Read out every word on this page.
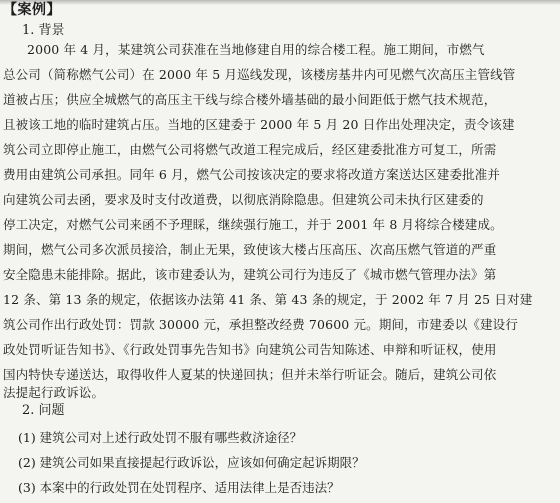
【案例】
1. 背景
2000 年 4 月，某建筑公司获准在当地修建自用的综合楼工程。施工期间，市燃气
总公司（简称燃气公司）在 2000 年 5 月巡线发现，该楼房基井内可见燃气次高压主管线管
道被占压；供应全城燃气的高压主干线与综合楼外墙基础的最小间距低于燃气技术规范，
且被该工地的临时建筑占压。当地的区建委于 2000 年 5 月 20 日作出处理决定，责令该建
筑公司立即停止施工，由燃气公司将燃气改道工程完成后，经区建委批准方可复工，所需
费用由建筑公司承担。同年 6 月，燃气公司按该决定的要求将改道方案送达区建委批准并
向建筑公司去函，要求及时支付改道费，以彻底消除隐患。但建筑公司未执行区建委的
停工决定，对燃气公司来函不予理睬，继续强行施工，并于 2001 年 8 月将综合楼建成。
期间，燃气公司多次派员接洽，制止无果，致使该大楼占压高压、次高压燃气管道的严重
安全隐患未能排除。据此，该市建委认为，建筑公司行为违反了《城市燃气管理办法》第
12 条、第 13 条的规定，依据该办法第 41 条、第 43 条的规定，于 2002 年 7 月 25 日对建
筑公司作出行政处罚：罚款 30000 元，承担整改经费 70600 元。期间，市建委以《建设行
政处罚听证告知书》、《行政处罚事先告知书》向建筑公司告知陈述、申辩和听证权，使用
国内特快专递送达，取得收件人夏某的快递回执；但并未举行听证会。随后，建筑公司依
法提起行政诉讼。
2. 问题
(1) 建筑公司对上述行政处罚不服有哪些救济途径？
(2) 建筑公司如果直接提起行政诉讼，应该如何确定起诉期限？
(3) 本案中的行政处罚在处罚程序、适用法律上是否违法？
